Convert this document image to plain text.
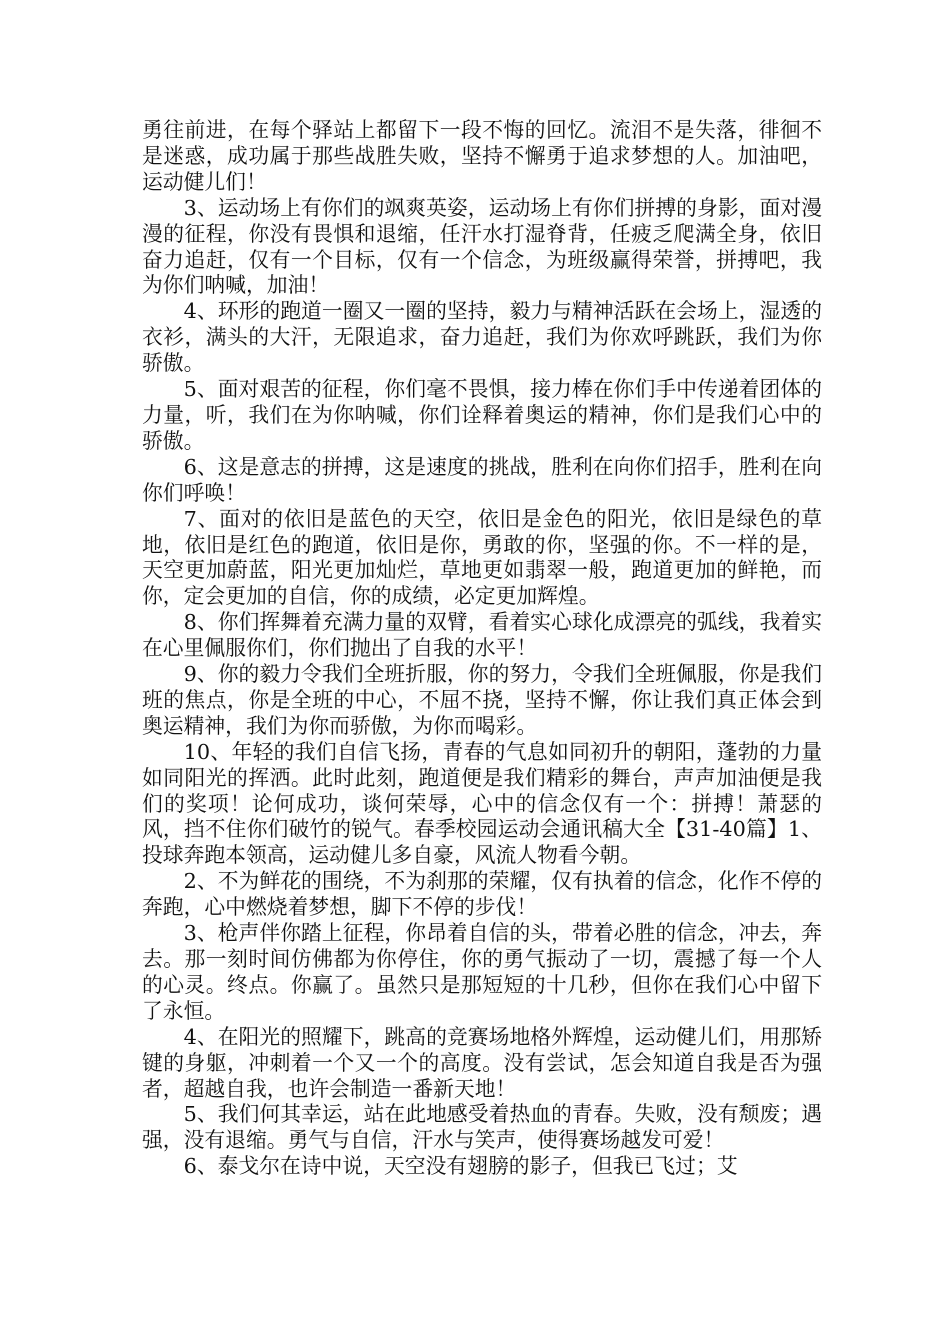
勇往前进，在每个驿站上都留下一段不悔的回忆。流泪不是失落，徘徊不是迷惑，成功属于那些战胜失败，坚持不懈勇于追求梦想的人。加油吧，运动健儿们！

3、运动场上有你们的飒爽英姿，运动场上有你们拼搏的身影，面对漫漫的征程，你没有畏惧和退缩，任汗水打湿脊背，任疲乏爬满全身，依旧奋力追赶，仅有一个目标，仅有一个信念，为班级赢得荣誉，拼搏吧，我为你们呐喊，加油！

4、环形的跑道一圈又一圈的坚持，毅力与精神活跃在会场上，湿透的衣衫，满头的大汗，无限追求，奋力追赶，我们为你欢呼跳跃，我们为你骄傲。

5、面对艰苦的征程，你们毫不畏惧，接力棒在你们手中传递着团体的力量，听，我们在为你呐喊，你们诠释着奥运的精神，你们是我们心中的骄傲。

6、这是意志的拼搏，这是速度的挑战，胜利在向你们招手，胜利在向你们呼唤！

7、面对的依旧是蓝色的天空，依旧是金色的阳光，依旧是绿色的草地，依旧是红色的跑道，依旧是你，勇敢的你，坚强的你。不一样的是，天空更加蔚蓝，阳光更加灿烂，草地更如翡翠一般，跑道更加的鲜艳，而你，定会更加的自信，你的成绩，必定更加辉煌。

8、你们挥舞着充满力量的双臂，看着实心球化成漂亮的弧线，我着实在心里佩服你们，你们抛出了自我的水平！

9、你的毅力令我们全班折服，你的努力，令我们全班佩服，你是我们班的焦点，你是全班的中心，不屈不挠，坚持不懈，你让我们真正体会到奥运精神，我们为你而骄傲，为你而喝彩。

10、年轻的我们自信飞扬，青春的气息如同初升的朝阳，蓬勃的力量如同阳光的挥洒。此时此刻，跑道便是我们精彩的舞台，声声加油便是我们的奖项！论何成功，谈何荣辱，心中的信念仅有一个：拼搏！萧瑟的风，挡不住你们破竹的锐气。春季校园运动会通讯稿大全【31-40篇】1、投球奔跑本领高，运动健儿多自豪，风流人物看今朝。

2、不为鲜花的围绕，不为刹那的荣耀，仅有执着的信念，化作不停的奔跑，心中燃烧着梦想，脚下不停的步伐！

3、枪声伴你踏上征程，你昂着自信的头，带着必胜的信念，冲去，奔去。那一刻时间仿佛都为你停住，你的勇气振动了一切，震撼了每一个人的心灵。终点。你赢了。虽然只是那短短的十几秒，但你在我们心中留下了永恒。

4、在阳光的照耀下，跳高的竞赛场地格外辉煌，运动健儿们，用那矫键的身躯，冲刺着一个又一个的高度。没有尝试，怎会知道自我是否为强者，超越自我，也许会制造一番新天地！

5、我们何其幸运，站在此地感受着热血的青春。失败，没有颓废；遇强，没有退缩。勇气与自信，汗水与笑声，使得赛场越发可爱！

6、泰戈尔在诗中说，天空没有翅膀的影子，但我已飞过；艾
